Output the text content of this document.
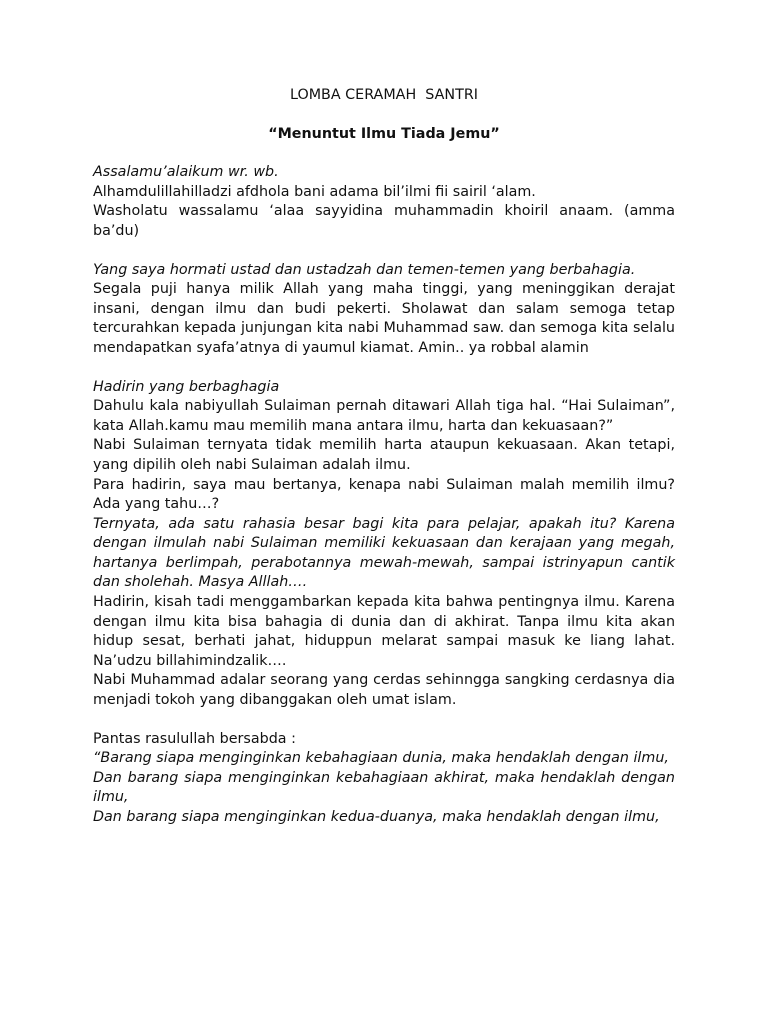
LOMBA CERAMAH  SANTRI

“Menuntut Ilmu Tiada Jemu”

Assalamu’alaikum wr. wb.

Alhamdulillahilladzi afdhola bani adama bil’ilmi fii sairil ‘alam.

Washolatu wassalamu ‘alaa sayyidina muhammadin khoiril anaam. (amma ba’du)

Yang saya hormati ustad dan ustadzah dan temen-temen yang berbahagia.

Segala puji hanya milik Allah yang maha tinggi, yang meninggikan derajat insani, dengan ilmu dan budi pekerti. Sholawat dan salam semoga tetap tercurahkan kepada junjungan kita nabi Muhammad saw. dan semoga kita selalu mendapatkan syafa’atnya di yaumul kiamat. Amin.. ya robbal alamin

Hadirin yang berbaghagia

Dahulu kala nabiyullah Sulaiman pernah ditawari Allah tiga hal. “Hai Sulaiman”, kata Allah.kamu mau memilih mana antara ilmu, harta dan kekuasaan?”

Nabi Sulaiman ternyata tidak memilih harta ataupun kekuasaan. Akan tetapi, yang dipilih oleh nabi Sulaiman adalah ilmu.

Para hadirin, saya mau bertanya, kenapa nabi Sulaiman malah memilih ilmu? Ada yang tahu…?

Ternyata, ada satu rahasia besar bagi kita para pelajar, apakah itu? Karena dengan ilmulah nabi Sulaiman memiliki kekuasaan dan kerajaan yang megah, hartanya berlimpah, perabotannya mewah-mewah, sampai istrinyapun cantik dan sholehah. Masya Alllah….

Hadirin, kisah tadi menggambarkan kepada kita bahwa pentingnya ilmu. Karena dengan ilmu kita bisa bahagia di dunia dan di akhirat. Tanpa ilmu kita akan hidup sesat, berhati jahat, hiduppun melarat sampai masuk ke liang lahat. Na’udzu billahimindzalik….

Nabi Muhammad adalar seorang yang cerdas sehinngga sangking cerdasnya dia menjadi tokoh yang dibanggakan oleh umat islam.

Pantas rasulullah bersabda :

“Barang siapa menginginkan kebahagiaan dunia, maka hendaklah dengan ilmu,

Dan barang siapa menginginkan kebahagiaan akhirat, maka hendaklah dengan ilmu,

Dan barang siapa menginginkan kedua-duanya, maka hendaklah dengan ilmu,
